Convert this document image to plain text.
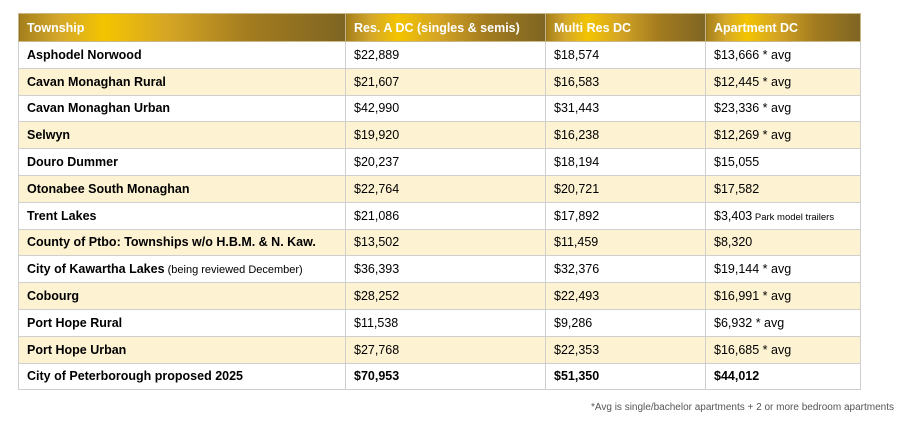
Township	Res. A DC (singles & semis)	Multi Res DC	Apartment DC
Asphodel Norwood	$22,889	$18,574	$13,666 * avg
Cavan Monaghan Rural	$21,607	$16,583	$12,445 * avg
Cavan Monaghan Urban	$42,990	$31,443	$23,336 * avg
Selwyn	$19,920	$16,238	$12,269 * avg
Douro Dummer	$20,237	$18,194	$15,055
Otonabee South Monaghan	$22,764	$20,721	$17,582
Trent Lakes	$21,086	$17,892	$3,403 Park model trailers
County of Ptbo: Townships w/o H.B.M. & N. Kaw.	$13,502	$11,459	$8,320
City of Kawartha Lakes (being reviewed December)	$36,393	$32,376	$19,144 * avg
Cobourg	$28,252	$22,493	$16,991 * avg
Port Hope Rural	$11,538	$9,286	$6,932 * avg
Port Hope Urban	$27,768	$22,353	$16,685 * avg
City of Peterborough proposed 2025	$70,953	$51,350	$44,012
*Avg is single/bachelor apartments + 2 or more bedroom apartments
